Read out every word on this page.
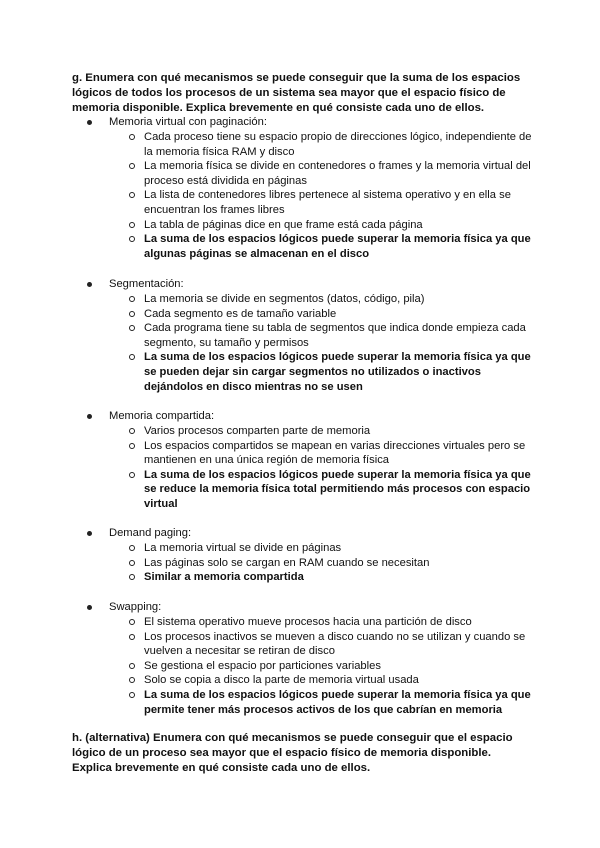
g. Enumera con qué mecanismos se puede conseguir que la suma de los espacios lógicos de todos los procesos de un sistema sea mayor que el espacio físico de memoria disponible. Explica brevemente en qué consiste cada uno de ellos.
Memoria virtual con paginación:
Cada proceso tiene su espacio propio de direcciones lógico, independiente de la memoria física RAM y disco
La memoria física se divide en contenedores o frames y la memoria virtual del proceso está dividida en páginas
La lista de contenedores libres pertenece al sistema operativo y en ella se encuentran los frames libres
La tabla de páginas dice en que frame está cada página
La suma de los espacios lógicos puede superar la memoria física ya que algunas páginas se almacenan en el disco
Segmentación:
La memoria se divide en segmentos (datos, código, pila)
Cada segmento es de tamaño variable
Cada programa tiene su tabla de segmentos que indica donde empieza cada segmento, su tamaño y permisos
La suma de los espacios lógicos puede superar la memoria física ya que se pueden dejar sin cargar segmentos no utilizados o inactivos dejándolos en disco mientras no se usen
Memoria compartida:
Varios procesos comparten parte de memoria
Los espacios compartidos se mapean en varias direcciones virtuales pero se mantienen en una única región de memoria física
La suma de los espacios lógicos puede superar la memoria física ya que se reduce la memoria física total permitiendo más procesos con espacio virtual
Demand paging:
La memoria virtual se divide en páginas
Las páginas solo se cargan en RAM cuando se necesitan
Similar a memoria compartida
Swapping:
El sistema operativo mueve procesos hacia una partición de disco
Los procesos inactivos se mueven a disco cuando no se utilizan y cuando se vuelven a necesitar se retiran de disco
Se gestiona el espacio por particiones variables
Solo se copia a disco la parte de memoria virtual usada
La suma de los espacios lógicos puede superar la memoria física ya que permite tener más procesos activos de los que cabrían en memoria
h. (alternativa) Enumera con qué mecanismos se puede conseguir que el espacio lógico de un proceso sea mayor que el espacio físico de memoria disponible. Explica brevemente en qué consiste cada uno de ellos.
